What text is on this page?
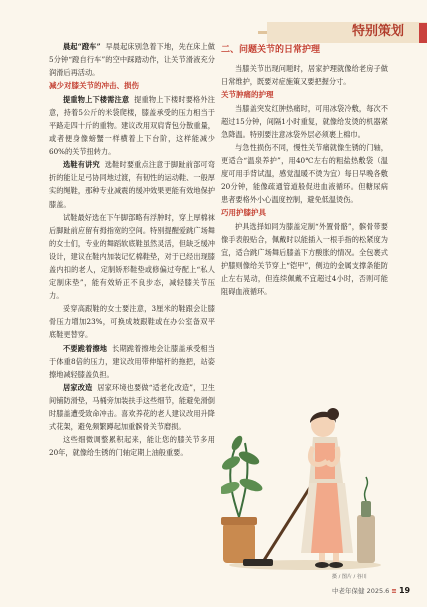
特别策划

晨起“蹬车” 早晨起床别急着下地，先在床上做5分钟“蹬自行车”的空中踩踏动作，让关节滑液充分润滑后再活动。

减少对膝关节的冲击、损伤

提重物上下楼需注意 提重物上下楼时要格外注意，持着5公斤的米袋爬楼，膝盖承受的压力相当于平路走四十斤的重物。建议改用双肩背包分散重量，或者便身像螃蟹一样横着上下台阶，这样能减少60%的关节扭转力。

选鞋有讲究 选鞋时要重点注意于脚趾前部可弯折的能让足弓协同地过渡，有韧性的运动鞋、一般厚实的绳鞋，那种专业减震的缓冲效果更能有效地保护膝盖。

试鞋最好选在下午脚部略有浮肿时，穿上厚棉袜后脚趾前应留有拇指宽的空间。特别提醒爱跳广场舞的女士们，专业的舞蹈软底鞋虽然灵活，但缺乏缓冲设计，建议在鞋内加装记忆棉鞋垫，对于已经出现膝盖内扣的老人，定制矫形鞋垫或修偏过夸配上“私人定制床垫”，能有效矫正不良步态，减轻膝关节压力。

妥穿高跟鞋的女士要注意，3厘米的鞋跟会让膝骨压力增加23%，可换成坡跟鞋或在办公室备双平底鞋更替穿。

不要跪着擦地 长期跪着擦地会让膝盖承受相当于体重8倍的压力，建议改用带伸缩杆的拖把，站姿擦地减轻膝盖负担。

居家改造 居家环境也要做“适老化改造”，卫生间铺防滑垫，马桶旁加装扶手这些细节，能避免滑倒时膝盖遭受致命冲击。喜欢养花的老人建议改用升降式花架，避免频繁蹲起加重髌骨关节磨损。

这些细微调整累积起来，能让您的膝关节多用20年，就像给生锈的门轴定期上油般重要。

二、问题关节的日常护理

当膝关节出现问题时，居家护理就像给老房子做日常维护，既要对症施策又要把握分寸。

关节肿痛的护理

当膝盖突发红肿热痛时，可用冰袋冷敷，每次不超过15分钟，间隔1小时重复，就像给发烫的机器紧急降温。特别要注意冰袋外层必须裹上棉巾。

与急性损伤不同，慢性关节痛就像生锈的门轴，更适合“温泉养护”，用40℃左右的粗盐热敷袋（温度可用手背试温，感觉温暖不烫为宜）每日早晚各敷20分钟，能像疏通管道般促进血液循环。但糖尿病患者要格外小心温度控制，避免低温烫伤。

巧用护膝护具

护具选择如同为膝盖定制“外置骨骼”，髌骨带要像手表般贴合，佩戴时以能插入一根手指的松紧度为宜，适合跳广场舞后膝盖下方酸胀的情况。全包裹式护膝则像给关节穿上“铠甲”，侧边的金属支撑条能防止左右晃动，但连续佩戴不宜超过4小时，否则可能阻碍血液循环。

摄 / 图片 / 谷川
中老年保健 2025.6 ≡ 19
